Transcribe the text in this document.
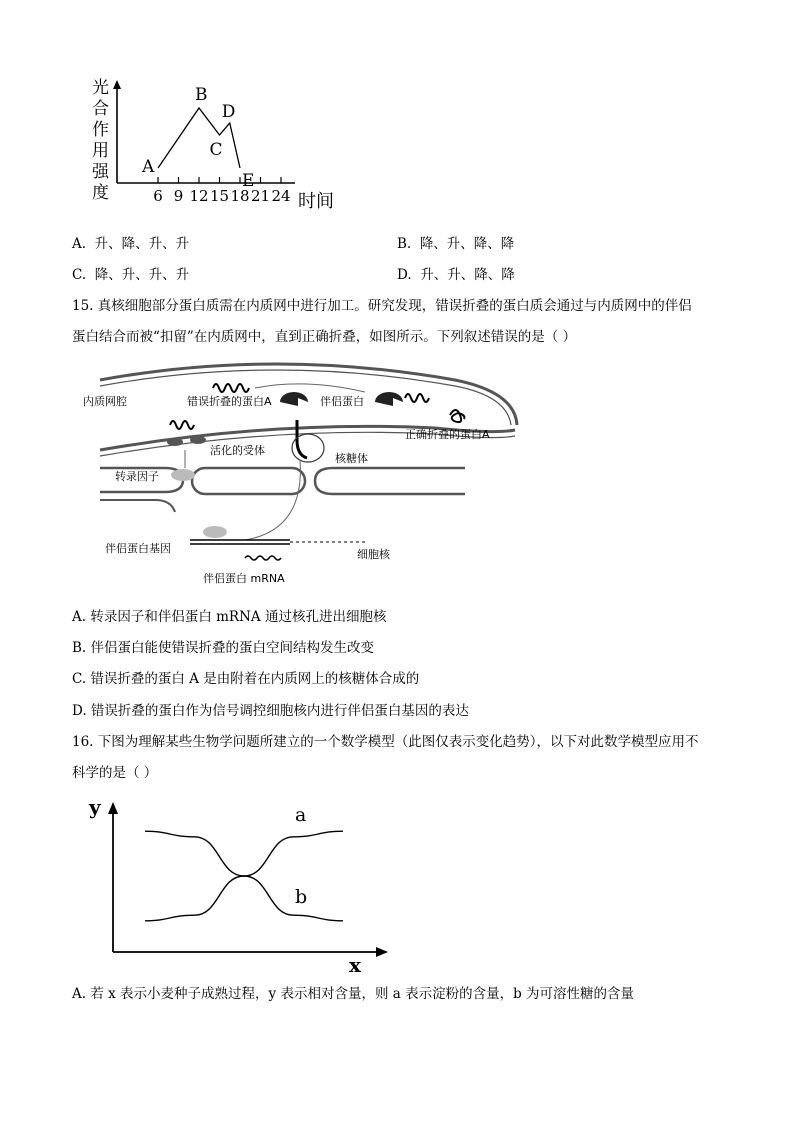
光
合
作
用
强
度	6 9 12 15 18 21 24
A
B
C
D
E
时间
A. 升、降、升、升	B. 降、升、降、降
C. 降、升、升、升	D. 升、升、降、降
15. 真核细胞部分蛋白质需在内质网中进行加工。研究发现，错误折叠的蛋白质会通过与内质网中的伴侣
蛋白结合而被“扣留”在内质网中，直到正确折叠，如图所示。下列叙述错误的是（ ）
内质网腔	错误折叠的蛋白A	伴侣蛋白
正确折叠的蛋白A
活化的受体
核糖体
转录因子
伴侣蛋白基因	细胞核
伴侣蛋白 mRNA
A. 转录因子和伴侣蛋白 mRNA 通过核孔进出细胞核
B. 伴侣蛋白能使错误折叠的蛋白空间结构发生改变
C. 错误折叠的蛋白 A 是由附着在内质网上的核糖体合成的
D. 错误折叠的蛋白作为信号调控细胞核内进行伴侣蛋白基因的表达
16. 下图为理解某些生物学问题所建立的一个数学模型（此图仅表示变化趋势），以下对此数学模型应用不
科学的是（ ）
y
x
a
b
A. 若 x 表示小麦种子成熟过程，y 表示相对含量，则 a 表示淀粉的含量，b 为可溶性糖的含量
